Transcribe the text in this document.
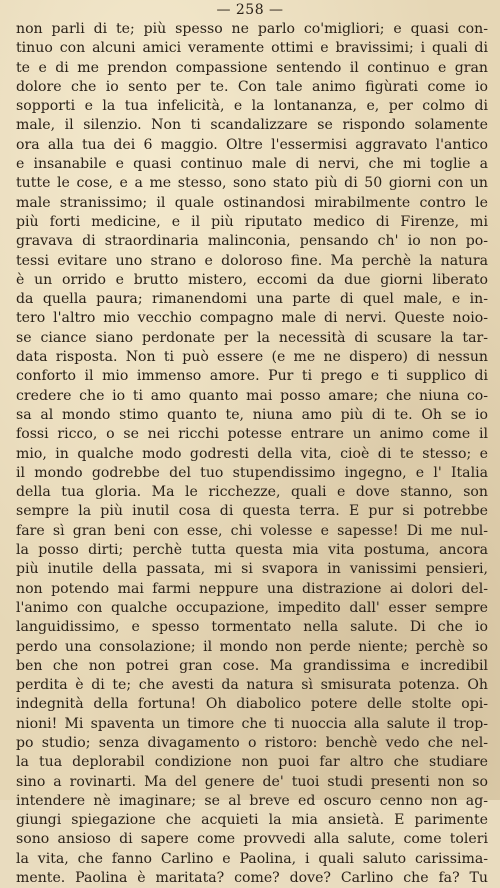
— 258 —
non parli di te; più spesso ne parlo co'migliori; e quasi con-
tinuo con alcuni amici veramente ottimi e bravissimi; i quali di
te e di me prendon compassione sentendo il continuo e gran
dolore che io sento per te. Con tale animo figùrati come io
sopporti e la tua infelicità, e la lontananza, e, per colmo di
male, il silenzio. Non ti scandalizzare se rispondo solamente
ora alla tua dei 6 maggio. Oltre l'essermisi aggravato l'antico
e insanabile e quasi continuo male di nervi, che mi toglie a
tutte le cose, e a me stesso, sono stato più di 50 giorni con un
male stranissimo; il quale ostinandosi mirabilmente contro le
più forti medicine, e il più riputato medico di Firenze, mi
gravava di straordinaria malinconia, pensando ch' io non po-
tessi evitare uno strano e doloroso fine. Ma perchè la natura
è un orrido e brutto mistero, eccomi da due giorni liberato
da quella paura; rimanendomi una parte di quel male, e in-
tero l'altro mio vecchio compagno male di nervi. Queste noio-
se ciance siano perdonate per la necessità di scusare la tar-
data risposta. Non ti può essere (e me ne dispero) di nessun
conforto il mio immenso amore. Pur ti prego e ti supplico di
credere che io ti amo quanto mai posso amare; che niuna co-
sa al mondo stimo quanto te, niuna amo più di te. Oh se io
fossi ricco, o se nei ricchi potesse entrare un animo come il
mio, in qualche modo godresti della vita, cioè di te stesso; e
il mondo godrebbe del tuo stupendissimo ingegno, e l' Italia
della tua gloria. Ma le ricchezze, quali e dove stanno, son
sempre la più inutil cosa di questa terra. E pur si potrebbe
fare sì gran beni con esse, chi volesse e sapesse! Di me nul-
la posso dirti; perchè tutta questa mia vita postuma, ancora
più inutile della passata, mi si svapora in vanissimi pensieri,
non potendo mai farmi neppure una distrazione ai dolori del-
l'animo con qualche occupazione, impedito dall' esser sempre
languidissimo, e spesso tormentato nella salute. Di che io
perdo una consolazione; il mondo non perde niente; perchè so
ben che non potrei gran cose. Ma grandissima e incredibil
perdita è di te; che avesti da natura sì smisurata potenza. Oh
indegnità della fortuna! Oh diabolico potere delle stolte opi-
nioni! Mi spaventa un timore che ti nuoccia alla salute il trop-
po studio; senza divagamento o ristoro: benchè vedo che nel-
la tua deplorabil condizione non puoi far altro che studiare
sino a rovinarti. Ma del genere de' tuoi studi presenti non so
intendere nè imaginare; se al breve ed oscuro cenno non ag-
giungi spiegazione che acquieti la mia ansietà. E parimente
sono ansioso di sapere come provvedi alla salute, come toleri
la vita, che fanno Carlino e Paolina, i quali saluto carissima-
mente. Paolina è maritata? come? dove? Carlino che fa? Tu
